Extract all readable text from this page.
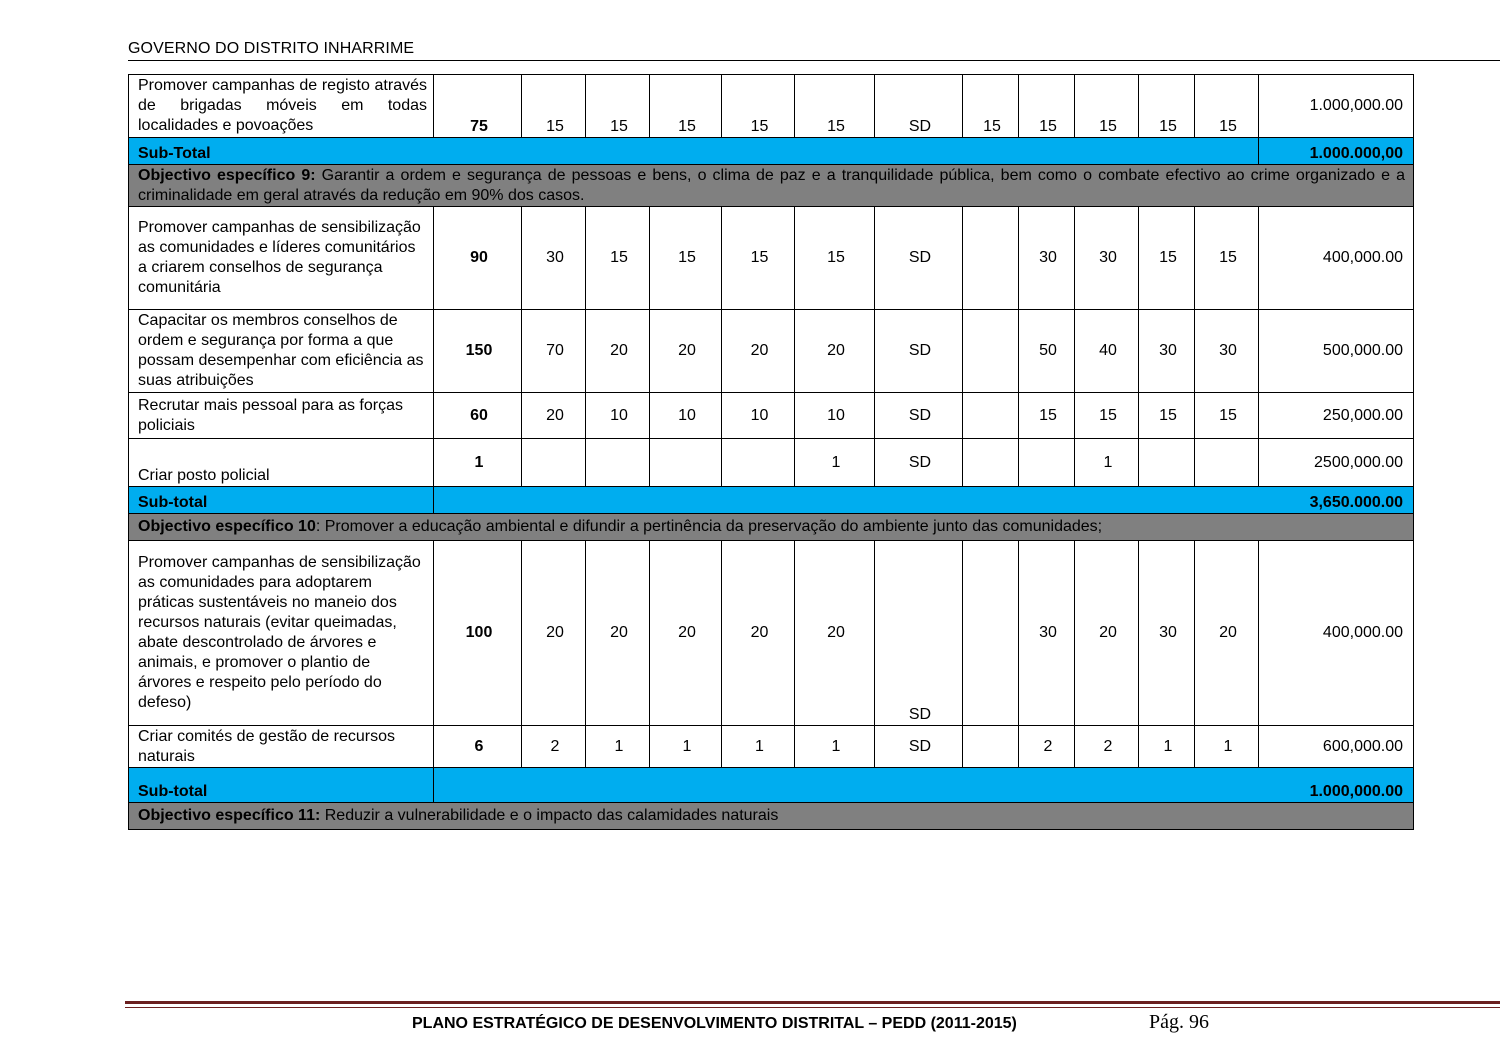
GOVERNO DO DISTRITO INHARRIME
Promover campanhas de registo através de brigadas móveis em todas localidades e povoações	75	15	15	15	15	15	SD	15	15	15	15	15	1.000,000.00
Sub-Total													1.000.000,00
Objectivo específico 9: Garantir a ordem e segurança de pessoas e bens, o clima de paz e a tranquilidade pública, bem como o combate efectivo ao crime organizado e a criminalidade em geral através da redução em 90% dos casos.													
Promover campanhas de sensibilização as comunidades e líderes comunitários a criarem conselhos de segurança comunitária	90	30	15	15	15	15	SD		30	30	15	15	400,000.00
Capacitar os membros conselhos de ordem e segurança por forma a que possam desempenhar com eficiência as suas atribuições	150	70	20	20	20	20	SD		50	40	30	30	500,000.00
Recrutar mais pessoal para as forças policiais	60	20	10	10	10	10	SD		15	15	15	15	250,000.00
Criar posto policial	1					1	SD			1			2500,000.00
Sub-total	3,650.000.00												
Objectivo específico 10: Promover a educação ambiental e difundir a pertinência da preservação do ambiente junto das comunidades;													
Promover campanhas de sensibilização as comunidades para adoptarem práticas sustentáveis no maneio dos recursos naturais (evitar queimadas, abate descontrolado de árvores e animais, e promover o plantio de árvores e respeito pelo período do defeso)	100	20	20	20	20	20	SD		30	20	30	20	400,000.00
Criar comités de gestão de recursos naturais	6	2	1	1	1	1	SD		2	2	1	1	600,000.00
Sub-total	1.000,000.00												
Objectivo específico 11: Reduzir a vulnerabilidade e o impacto das calamidades naturais													
PLANO ESTRATÉGICO DE DESENVOLVIMENTO DISTRITAL – PEDD (2011-2015)	Pág. 96
